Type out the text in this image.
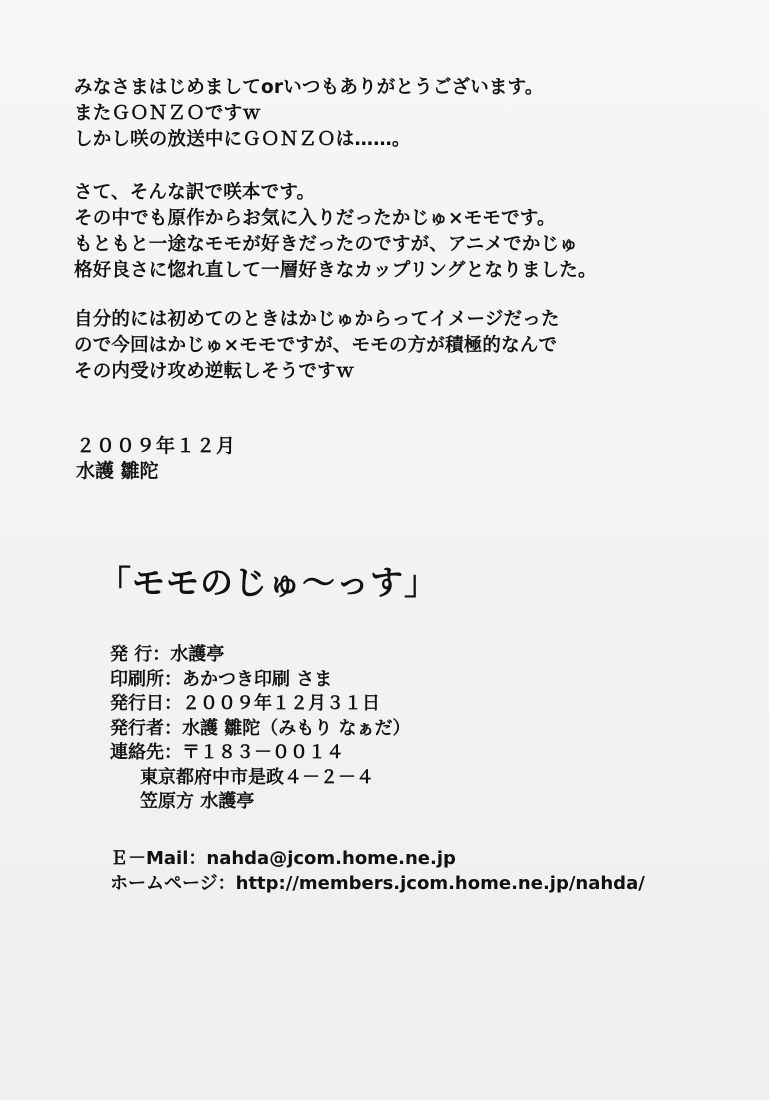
みなさまはじめましてorいつもありがとうございます。
またＧＯＮＺＯですｗ
しかし咲の放送中にＧＯＮＺＯは……。
さて、そんな訳で咲本です。
その中でも原作からお気に入りだったかじゅ×モモです。
もともと一途なモモが好きだったのですが、アニメでかじゅ
格好良さに惚れ直して一層好きなカップリングとなりました。
自分的には初めてのときはかじゅからってイメージだった
ので今回はかじゅ×モモですが、モモの方が積極的なんで
その内受け攻め逆転しそうですｗ
２００９年１２月
水護 雛陀
「モモのじゅ～っす」
発 行：水護亭
印刷所：あかつき印刷 さま
発行日：２００９年１２月３１日
発行者：水護 雛陀（みもり なぁだ）
連絡先：〒１８３－００１４
東京都府中市是政４－２－４
笠原方 水護亭
Ｅ－Mail：nahda@jcom.home.ne.jp
ホームページ：http://members.jcom.home.ne.jp/nahda/
